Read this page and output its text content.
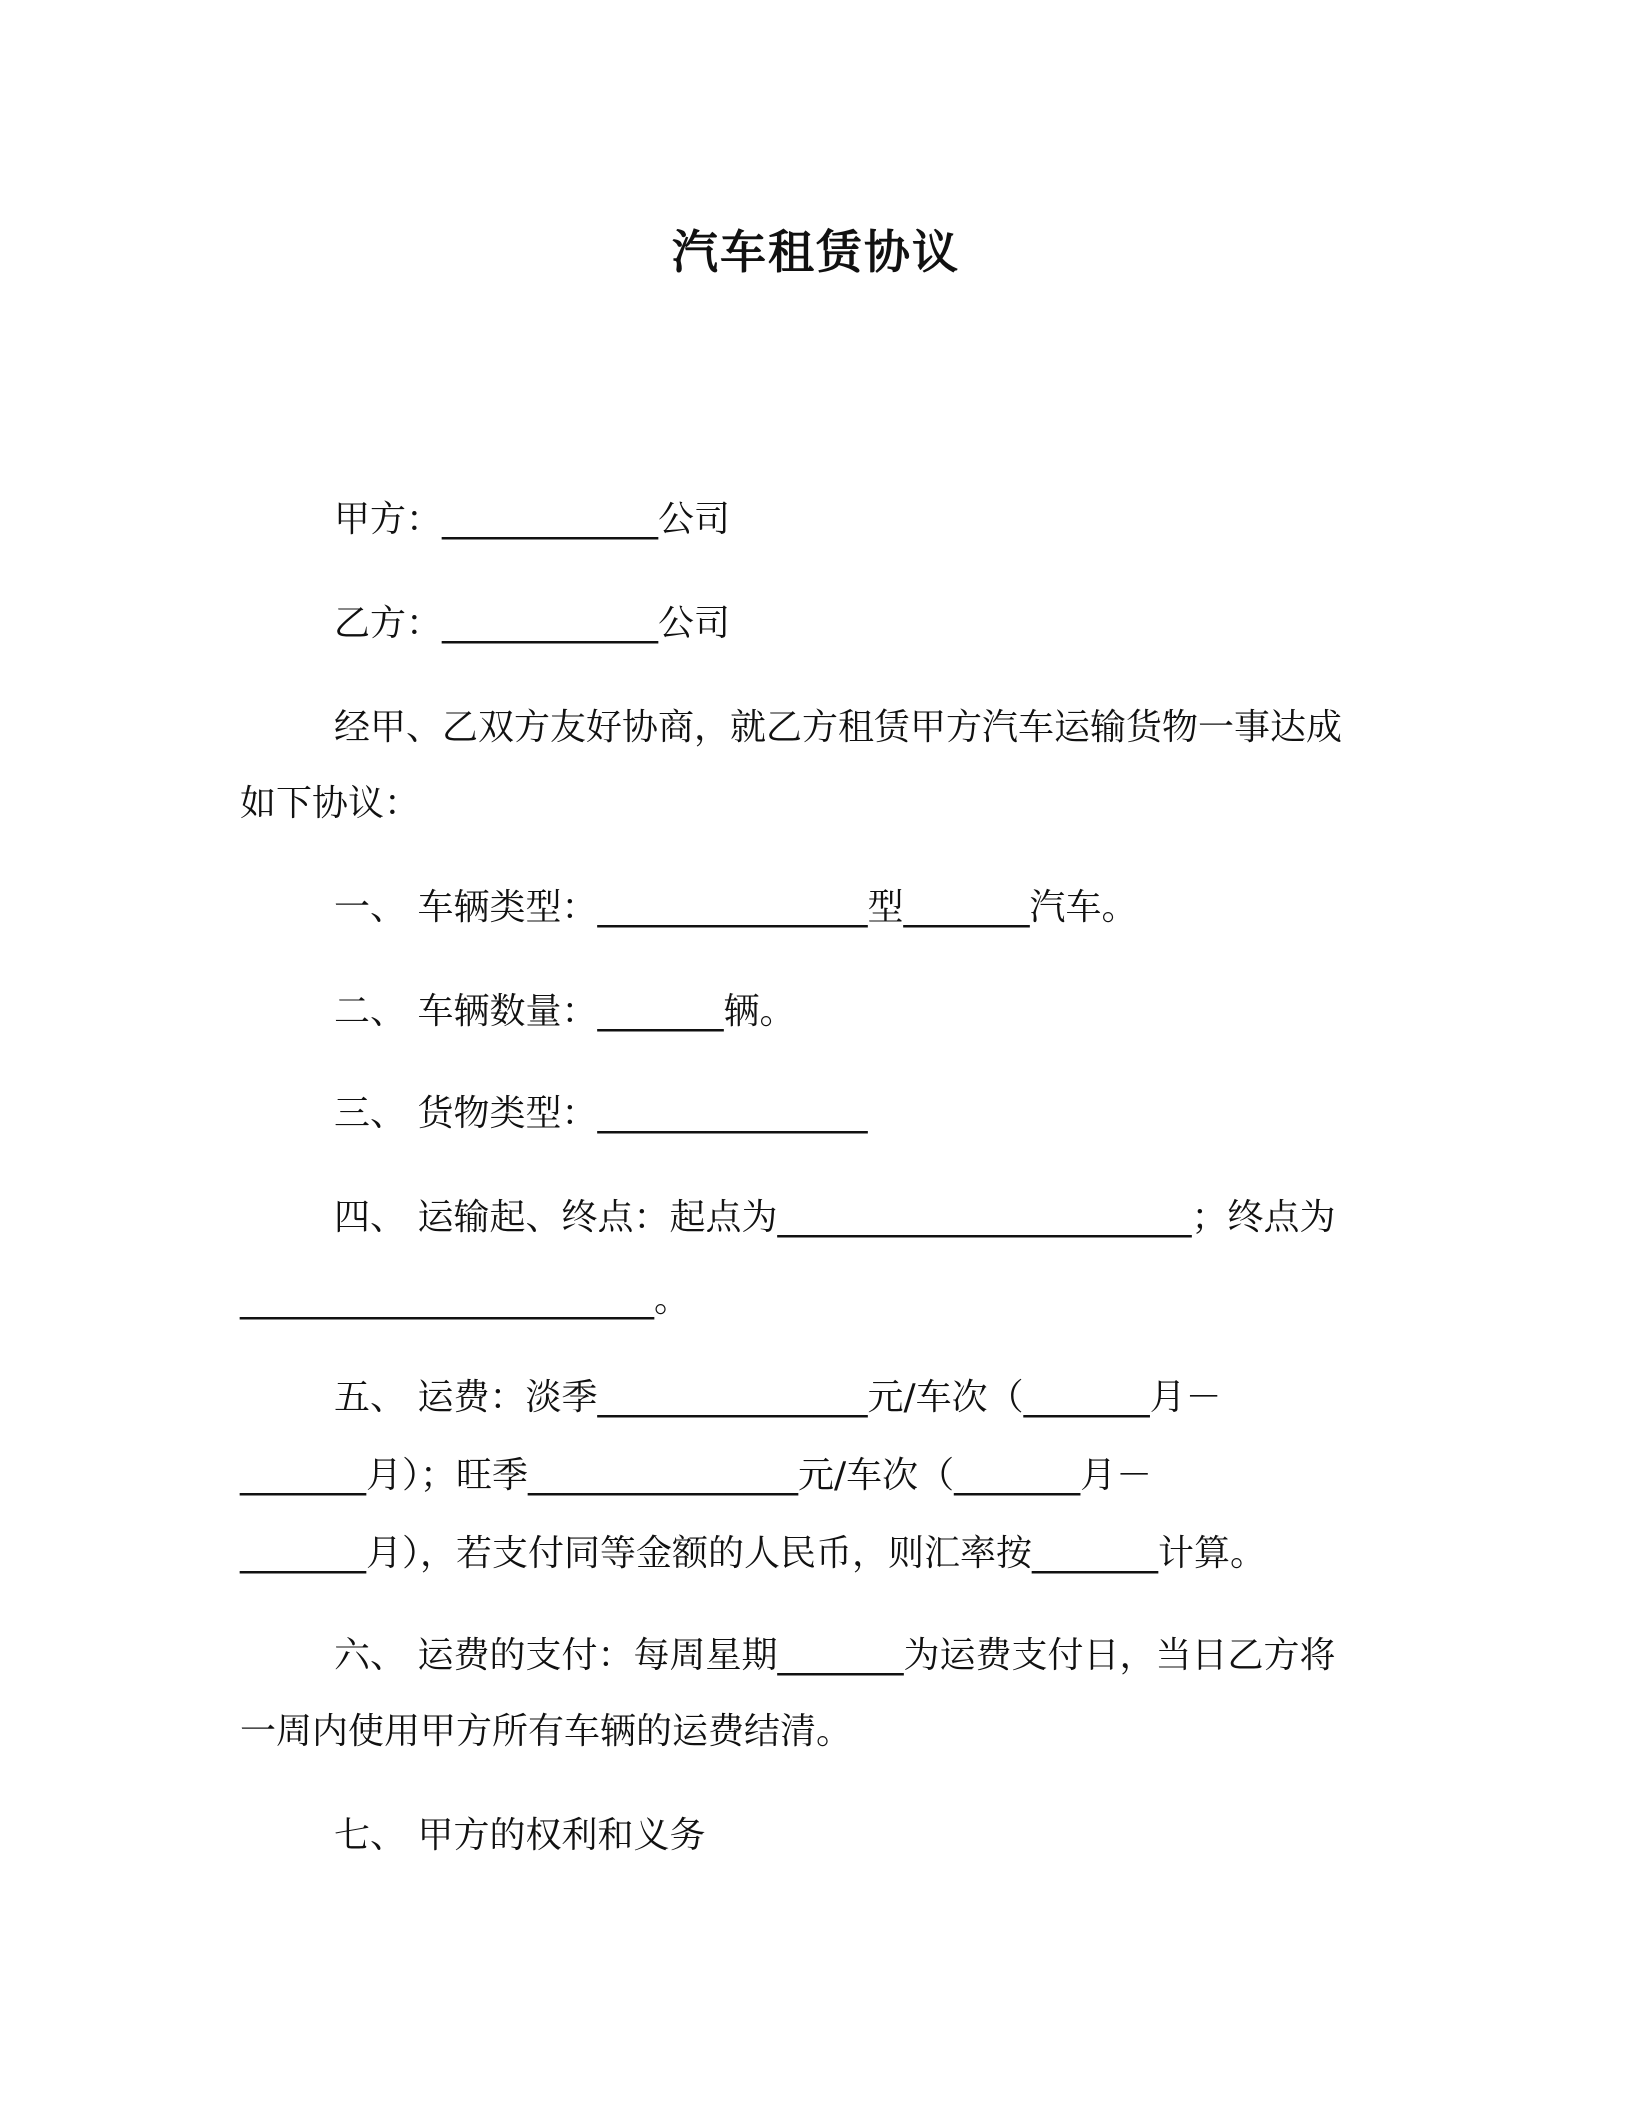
汽车租赁协议
甲方：____________公司
乙方：____________公司
经甲、乙双方友好协商，就乙方租赁甲方汽车运输货物一事达成
如下协议：
一、 车辆类型：_______________型_______汽车。
二、 车辆数量：_______辆。
三、 货物类型：_______________
四、 运输起、终点：起点为_______________________；终点为
_______________________。
五、 运费：淡季_______________元/车次（_______月－
_______月）；旺季_______________元/车次（_______月－
_______月），若支付同等金额的人民币，则汇率按_______计算。
六、 运费的支付：每周星期_______为运费支付日，当日乙方将
一周内使用甲方所有车辆的运费结清。
七、 甲方的权利和义务
